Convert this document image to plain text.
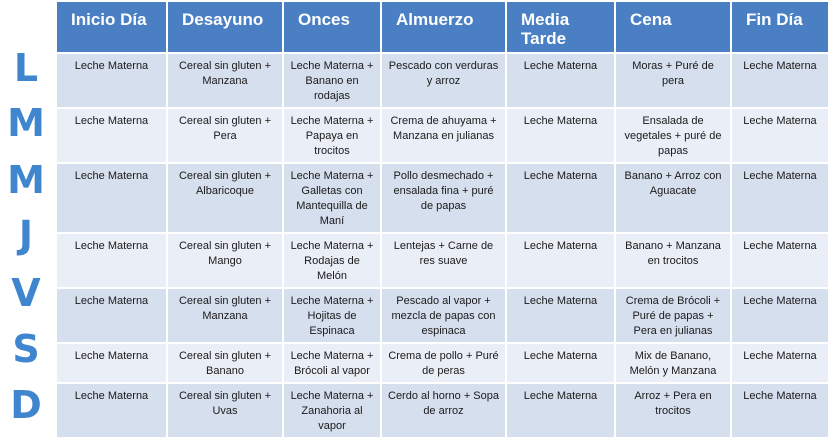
L
M
M
J
V
S
D
Inicio Día	Desayuno	Onces	Almuerzo	Media Tarde	Cena	Fin Día
Leche Materna	Cereal sin gluten + Manzana	Leche Materna + Banano en rodajas	Pescado con verduras y arroz	Leche Materna	Moras + Puré de pera	Leche Materna
Leche Materna	Cereal sin gluten + Pera	Leche Materna + Papaya en trocitos	Crema de ahuyama + Manzana en julianas	Leche Materna	Ensalada de vegetales + puré de papas	Leche Materna
Leche Materna	Cereal sin gluten + Albaricoque	Leche Materna + Galletas con Mantequilla de Maní	Pollo desmechado + ensalada fina + puré de papas	Leche Materna	Banano + Arroz con Aguacate	Leche Materna
Leche Materna	Cereal sin gluten + Mango	Leche Materna + Rodajas de Melón	Lentejas + Carne de res suave	Leche Materna	Banano + Manzana en trocitos	Leche Materna
Leche Materna	Cereal sin gluten + Manzana	Leche Materna + Hojitas de Espinaca	Pescado al vapor + mezcla de papas con espinaca	Leche Materna	Crema de Brócoli + Puré de papas + Pera en julianas	Leche Materna
Leche Materna	Cereal sin gluten + Banano	Leche Materna + Brócoli al vapor	Crema de pollo + Puré de peras	Leche Materna	Mix de Banano, Melón y Manzana	Leche Materna
Leche Materna	Cereal sin gluten + Uvas	Leche Materna + Zanahoria al vapor	Cerdo al horno + Sopa de arroz	Leche Materna	Arroz + Pera en trocitos	Leche Materna
